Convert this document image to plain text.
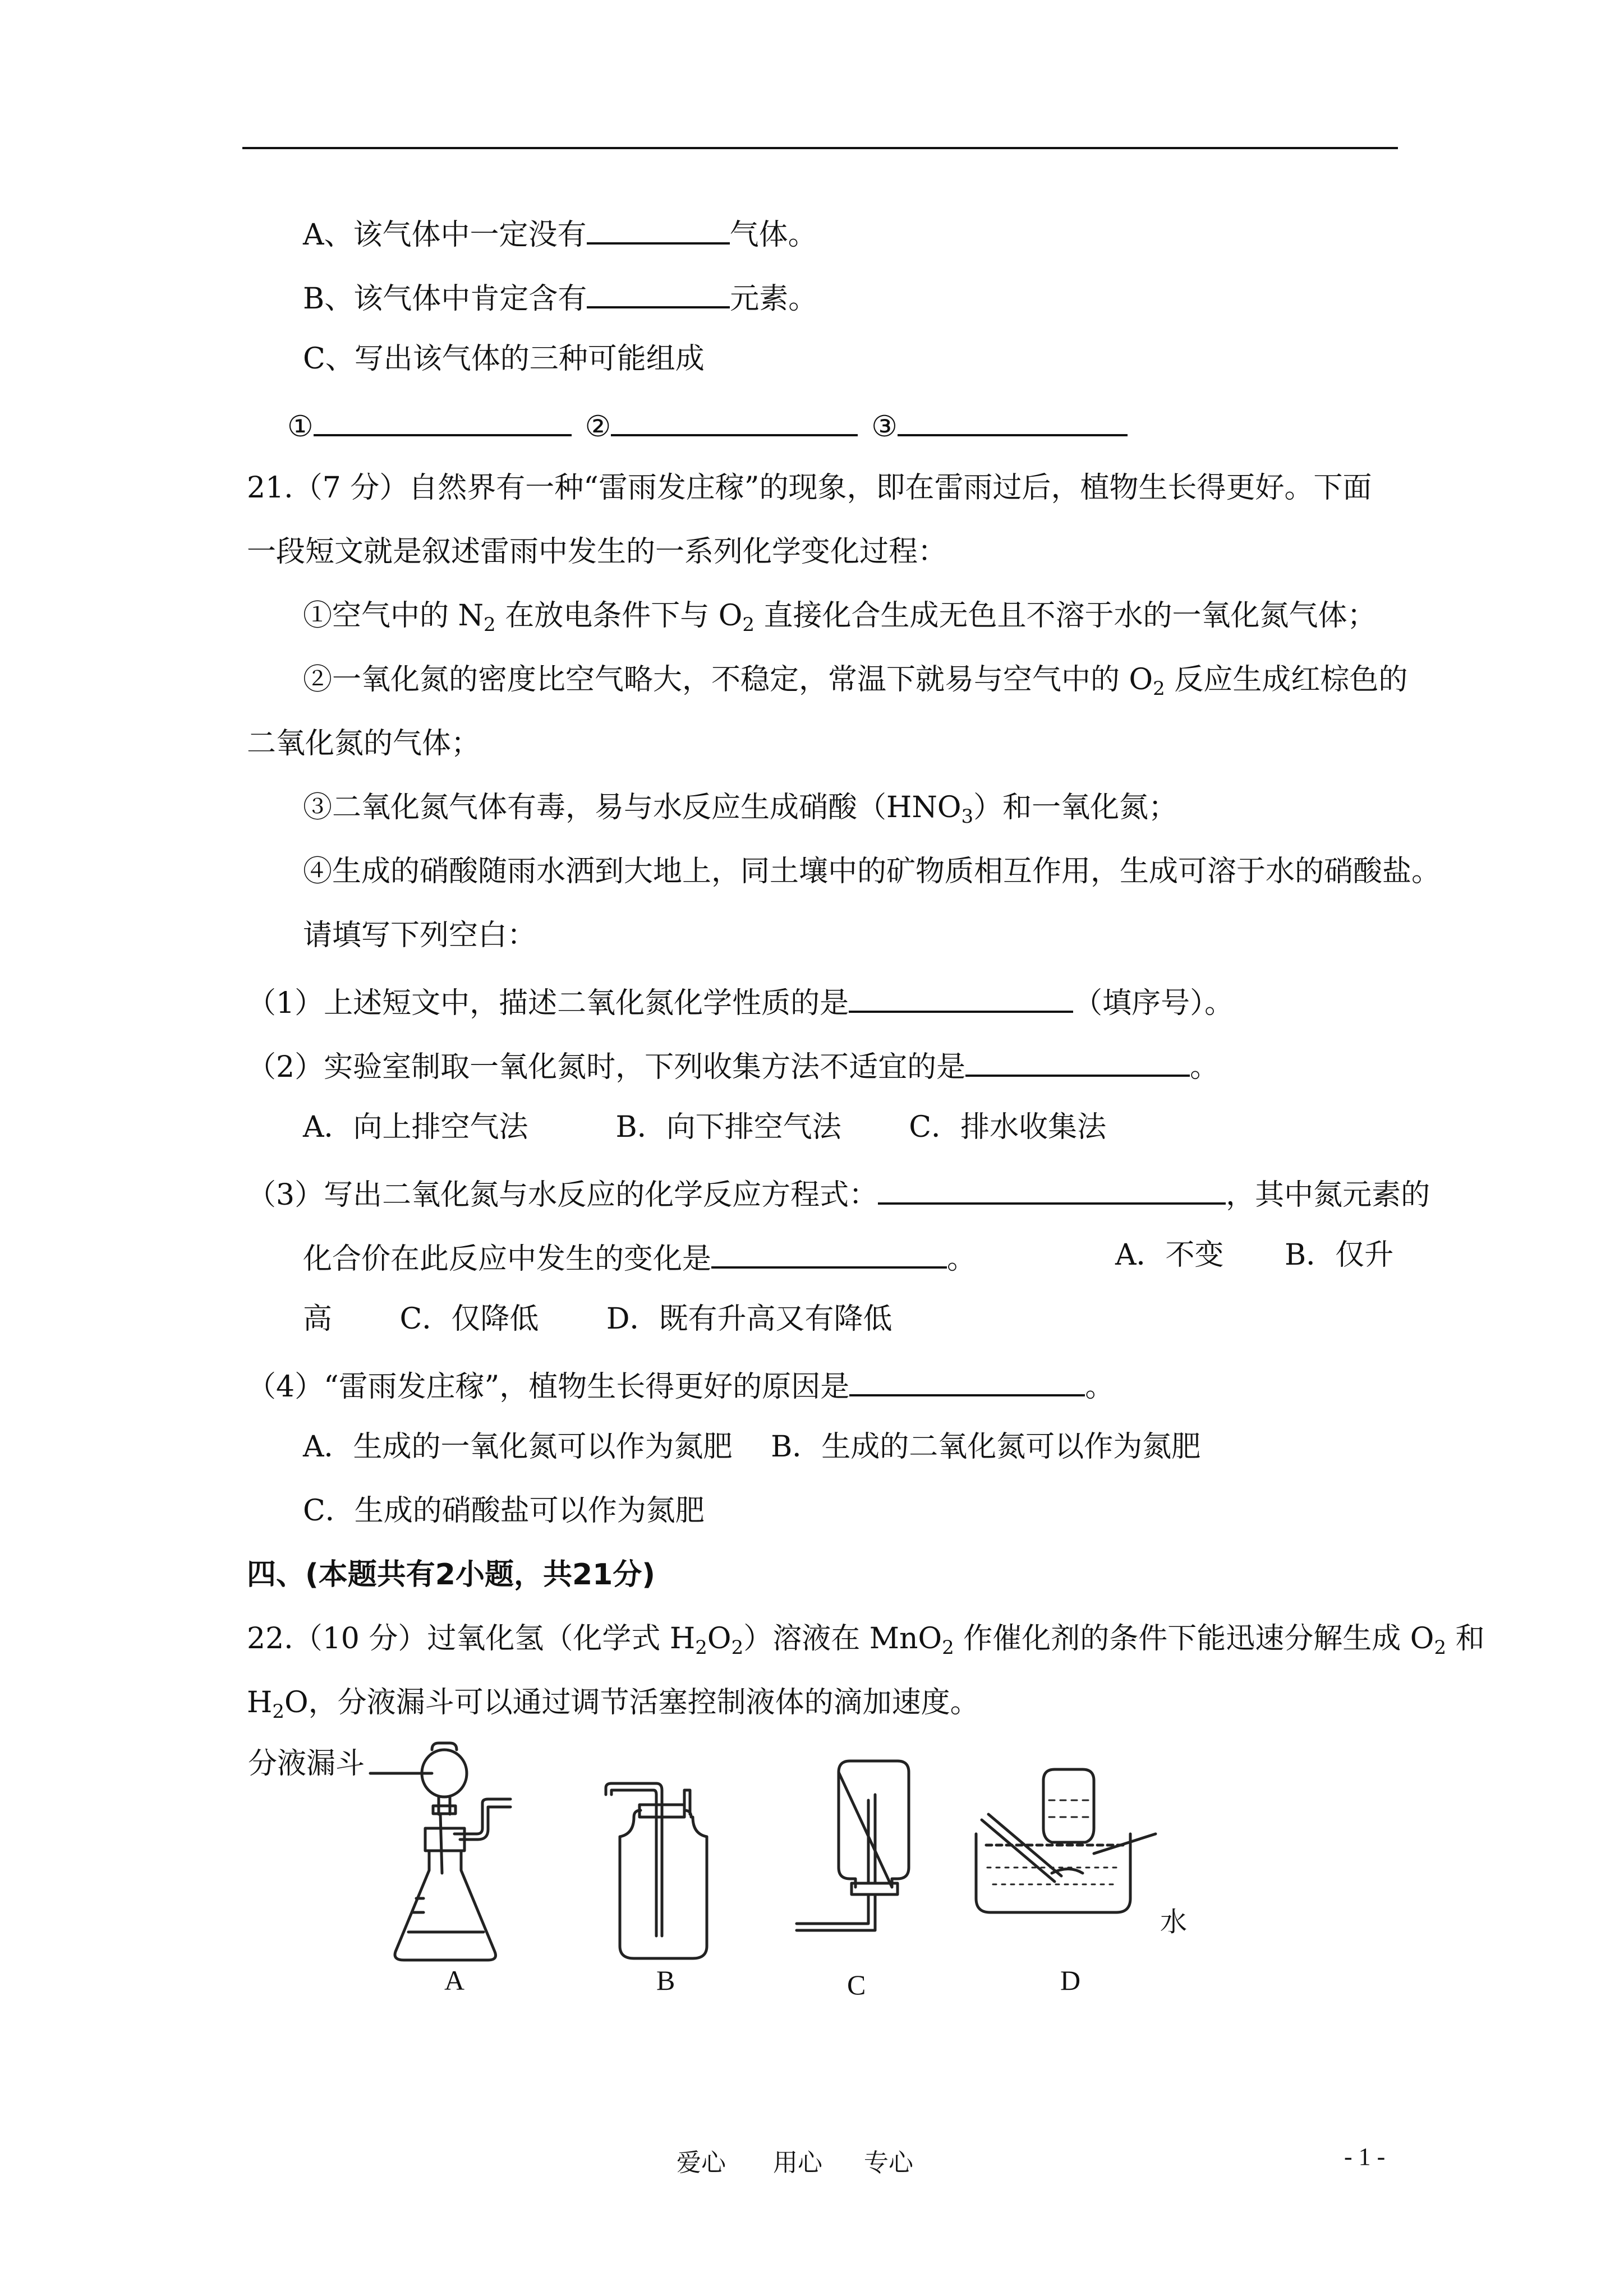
A、该气体中一定没有	气体。
B、该气体中肯定含有	元素。
C、写出该气体的三种可能组成
①	②	③
21.（7 分）自然界有一种“雷雨发庄稼”的现象，即在雷雨过后，植物生长得更好。下面
一段短文就是叙述雷雨中发生的一系列化学变化过程：
①空气中的 $N_2$ 在放电条件下与 $O_2$ 直接化合生成无色且不溶于水的一氧化氮气体；
②一氧化氮的密度比空气略大，不稳定，常温下就易与空气中的 $O_2$ 反应生成红棕色的
二氧化氮的气体；
③二氧化氮气体有毒，易与水反应生成硝酸$(HNO_3)$和一氧化氮；
④生成的硝酸随雨水洒到大地上，同土壤中的矿物质相互作用，生成可溶于水的硝酸盐。
请填写下列空白：
（1）上述短文中，描述二氧化氮化学性质的是	（填序号）。
（2）实验室制取一氧化氮时，下列收集方法不适宜的是	。
A．向上排空气法　　　B．向下排空气法　　 C．排水收集法
（3）写出二氧化氮与水反应的化学反应方程式：	，其中氮元素的
化合价在此反应中发生的变化是	。	A．不变 B．仅升
高　　 C．仅降低　　 D．既有升高又有降低
（4）“雷雨发庄稼”，植物生长得更好的原因是	。
A．生成的一氧化氮可以作为氮肥　 B．生成的二氧化氮可以作为氮肥
C．生成的硝酸盐可以作为氮肥
四、(本题共有2小题，共21分)
22.（10 分）过氧化氢（化学式 $H_2O_2$）溶液在 MnO$_2$ 作催化剂的条件下能迅速分解生成 $O_2$ 和
$H_2O$，分液漏斗可以通过调节活塞控制液体的滴加速度。
分液漏斗
水
A	B	C	D
爱心 用心 专心	- 1 -
